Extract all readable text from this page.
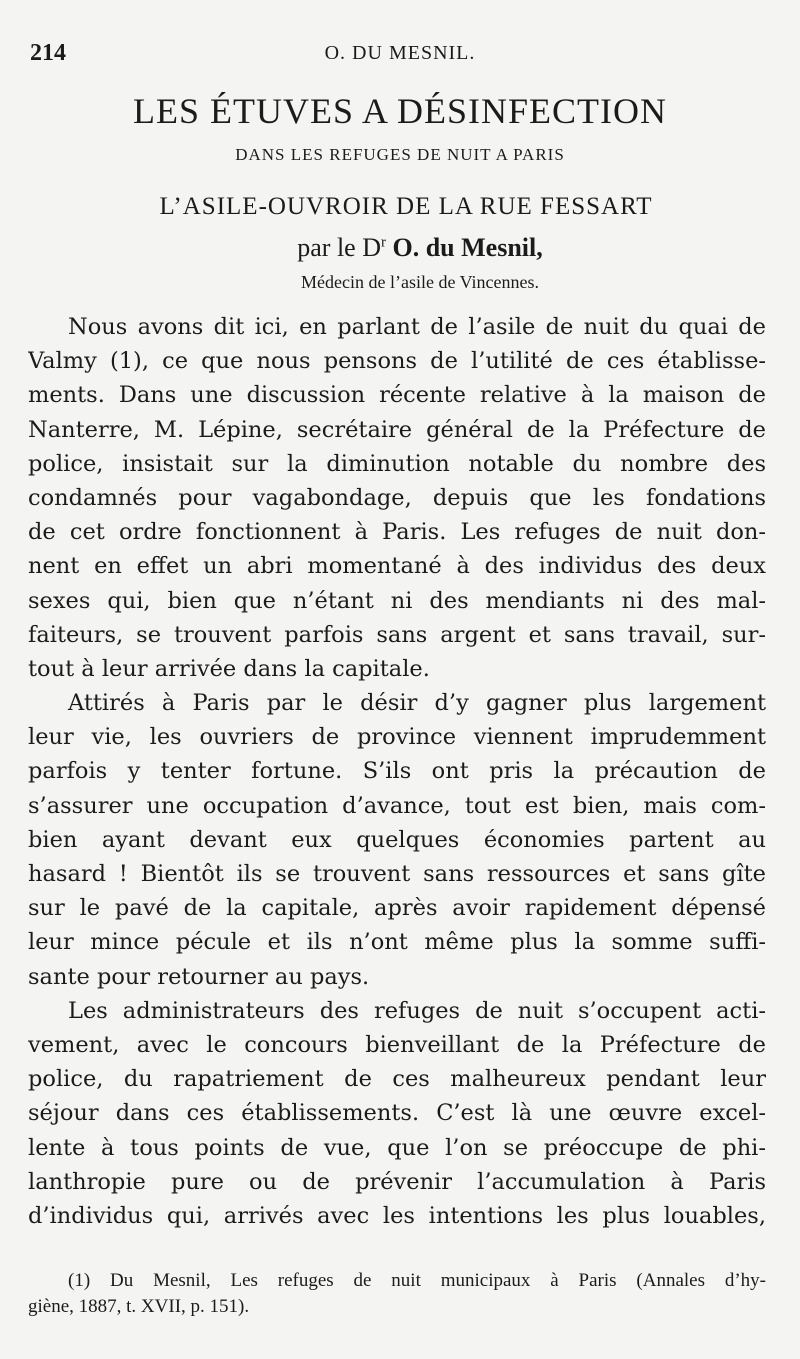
214	O. DU MESNIL.
LES ÉTUVES A DÉSINFECTION
DANS LES REFUGES DE NUIT A PARIS
L’ASILE-OUVROIR DE LA RUE FESSART
par le $D^r$ O. du Mesnil,
Médecin de l’asile de Vincennes.
Nous avons dit ici, en parlant de l’asile de nuit du quai de
Valmy (1), ce que nous pensons de l’utilité de ces établisse-
ments. Dans une discussion récente relative à la maison de
Nanterre, M. Lépine, secrétaire général de la Préfecture de
police, insistait sur la diminution notable du nombre des
condamnés pour vagabondage, depuis que les fondations
de cet ordre fonctionnent à Paris. Les refuges de nuit don-
nent en effet un abri momentané à des individus des deux
sexes qui, bien que n’étant ni des mendiants ni des mal-
faiteurs, se trouvent parfois sans argent et sans travail, sur-
tout à leur arrivée dans la capitale.
Attirés à Paris par le désir d’y gagner plus largement
leur vie, les ouvriers de province viennent imprudemment
parfois y tenter fortune. S’ils ont pris la précaution de
s’assurer une occupation d’avance, tout est bien, mais com-
bien ayant devant eux quelques économies partent au
hasard ! Bientôt ils se trouvent sans ressources et sans gîte
sur le pavé de la capitale, après avoir rapidement dépensé
leur mince pécule et ils n’ont même plus la somme suffi-
sante pour retourner au pays.
Les administrateurs des refuges de nuit s’occupent acti-
vement, avec le concours bienveillant de la Préfecture de
police, du rapatriement de ces malheureux pendant leur
séjour dans ces établissements. C’est là une œuvre excel-
lente à tous points de vue, que l’on se préoccupe de phi-
lanthropie pure ou de prévenir l’accumulation à Paris
d’individus qui, arrivés avec les intentions les plus louables,
(1) Du Mesnil, Les refuges de nuit municipaux à Paris (Annales d’hy-
giène, 1887, t. XVII, p. 151).
